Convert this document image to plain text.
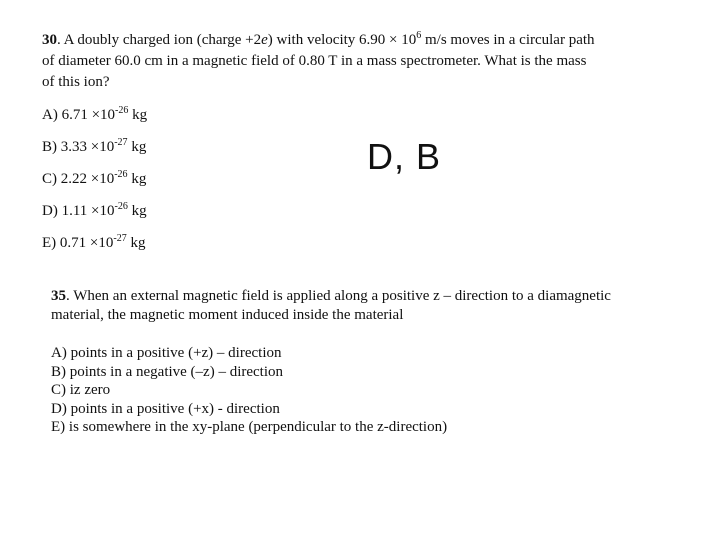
30. A doubly charged ion (charge +2e) with velocity $6.90 \times 10^6$ m/s moves in a circular path of diameter 60.0 cm in a magnetic field of 0.80 T in a mass spectrometer. What is the mass of this ion?

A) $6.71 \times 10^{-26}$ kg

B) $3.33 \times 10^{-27}$ kg

C) $2.22 \times 10^{-26}$ kg

D) $1.11 \times 10^{-26}$ kg

E) $0.71 \times 10^{-27}$ kg

D, B

35. When an external magnetic field is applied along a positive z – direction to a diamagnetic material, the magnetic moment induced inside the material

A) points in a positive (+z) – direction

B) points in a negative (–z) – direction

C) iz zero

D) points in a positive (+x) - direction

E) is somewhere in the xy-plane (perpendicular to the z-direction)
